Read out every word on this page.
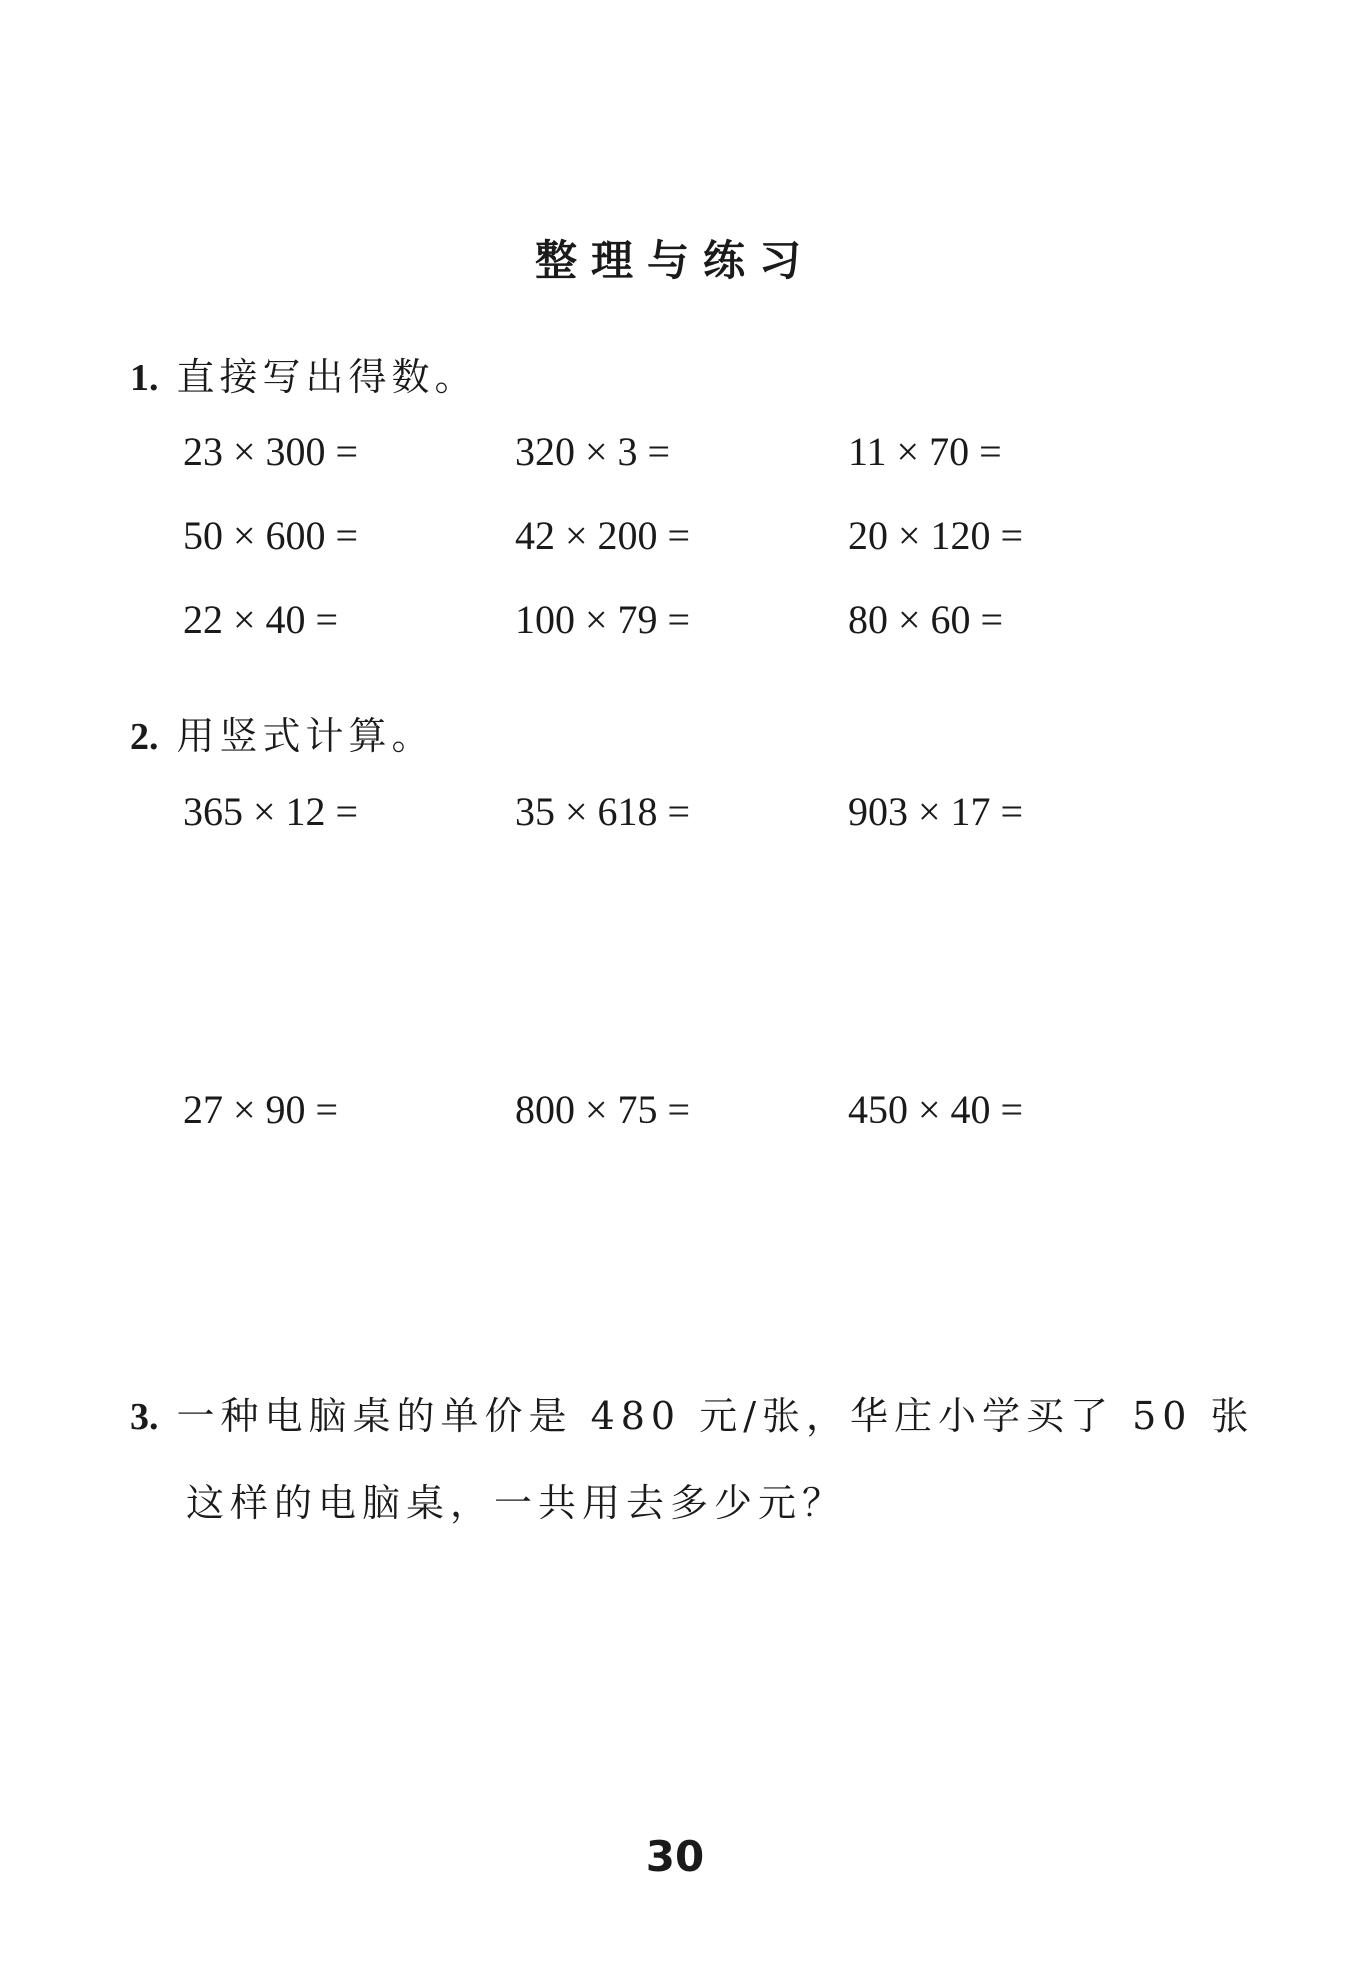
整理与练习
1. 直接写出得数。
23 × 300 =	320 × 3 =	11 × 70 =
50 × 600 =	42 × 200 =	20 × 120 =
22 × 40 =	100 × 79 =	80 × 60 =
2. 用竖式计算。
365 × 12 =	35 × 618 =	903 × 17 =
27 × 90 =	800 × 75 =	450 × 40 =
3. 一种电脑桌的单价是 480 元/张，华庄小学买了 50 张
这样的电脑桌，一共用去多少元？
30
